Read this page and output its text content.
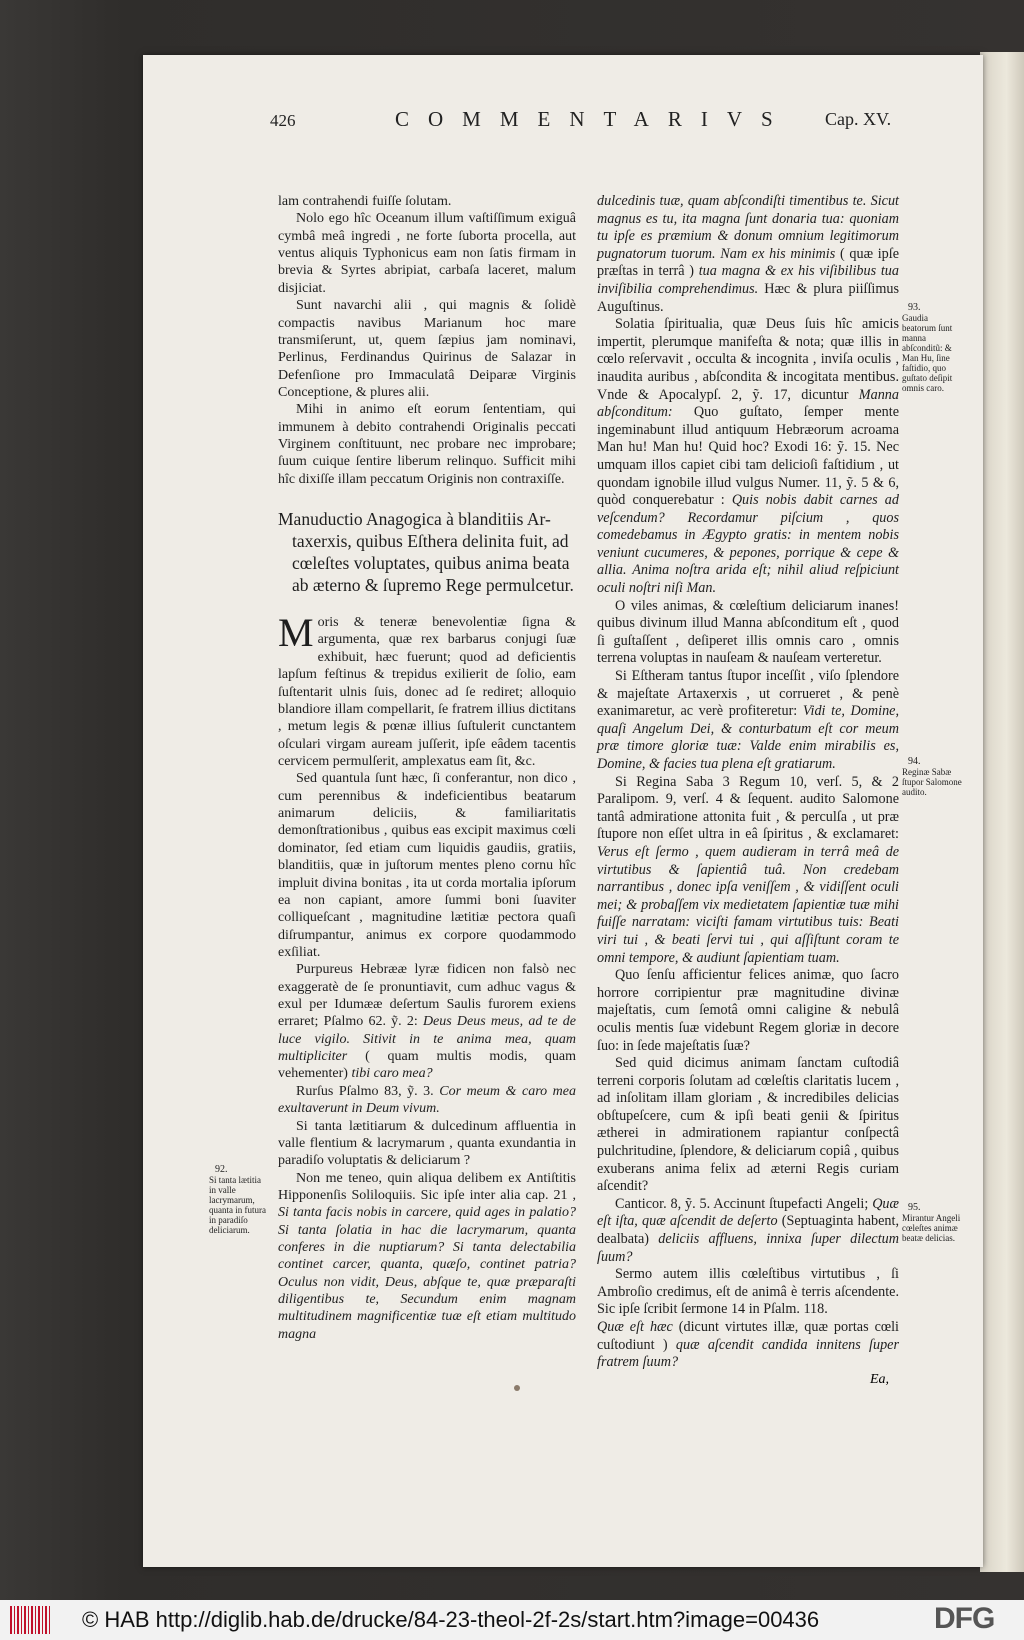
426	COMMENTARIVS Cap. XV.

lam contrahendi fuiſſe ſolutam.

Nolo ego hîc Oceanum illum vaſtiſſimum exiguâ cymbâ meâ ingredi , ne forte ſuborta procella, aut ventus aliquis Typhonicus eam non ſatis firmam in brevia & Syrtes abripiat, carbaſa laceret, malum disjiciat.

Sunt navarchi alii , qui magnis & ſolidè compactis navibus Marianum hoc mare transmiſerunt, ut, quem ſæpius jam nominavi, Perlinus, Ferdinandus Quirinus de Salazar in Defenſione pro Immaculatâ Deiparæ Virginis Conceptione, & plures alii.

Mihi in animo eſt eorum ſententiam, qui immunem à debito contrahendi Originalis peccati Virginem conſtituunt, nec probare nec improbare; ſuum cuique ſentire liberum relinquo. Sufficit mihi hîc dixiſſe illam peccatum Originis non contraxiſſe.

Manuductio Anagogica à blanditiis Ar-
taxerxis, quibus Eſthera delinita fuit, ad cœleſtes voluptates, quibus anima beata ab æterno & ſupremo Rege permulcetur.

Moris & teneræ benevolentiæ ſigna & argumenta, quæ rex barbarus conjugi ſuæ exhibuit, hæc fuerunt; quod ad deficientis lapſum feſtinus & trepidus exilierit de ſolio, eam ſuſtentarit ulnis ſuis, donec ad ſe rediret; alloquio blandiore illam compellarit, ſe fratrem illius dictitans , metum legis & pœnæ illius ſuſtulerit cunctantem oſculari virgam auream juſſerit, ipſe eâdem tacentis cervicem permulſerit, amplexatus eam ſit, &c.

Sed quantula ſunt hæc, ſi conferantur, non dico , cum perennibus & indeficientibus beatarum animarum deliciis, & familiaritatis demonſtrationibus , quibus eas excipit maximus cœli dominator, ſed etiam cum liquidis gaudiis, gratiis, blanditiis, quæ in juſtorum mentes pleno cornu hîc impluit divina bonitas , ita ut corda mortalia ipſorum ea non capiant, amore ſummi boni ſuaviter colliqueſcant , magnitudine lætitiæ pectora quaſi diſrumpantur, animus ex corpore quodammodo exſiliat.

Purpureus Hebrææ lyræ fidicen non falsò nec exaggeratè de ſe pronuntiavit, cum adhuc vagus & exul per Idumææ deſertum Saulis furorem exiens erraret; Pſalmo 62. ỹ. 2: Deus Deus meus, ad te de luce vigilo. Sitivit in te anima mea, quam multipliciter ( quam multis modis, quam vehementer) tibi caro mea?

Rurſus Pſalmo 83, ỹ. 3. Cor meum & caro mea exultaverunt in Deum vivum.

Si tanta lætitiarum & dulcedinum affluentia in valle flentium & lacrymarum , quanta exundantia in paradiſo voluptatis & deliciarum ?

Non me teneo, quin aliqua delibem ex Antiſtitis Hipponenſis Soliloquiis. Sic ipſe inter alia cap. 21 , Si tanta facis nobis in carcere, quid ages in palatio? Si tanta ſolatia in hac die lacrymarum, quanta conferes in die nuptiarum? Si tanta delectabilia continet carcer, quanta, quæſo, continet patria? Oculus non vidit, Deus, abſque te, quæ præparaſti diligentibus te, Secundum enim magnam multitudinem magnificentiæ tuæ eſt etiam multitudo magna

dulcedinis tuæ, quam abſcondiſti timentibus te. Sicut magnus es tu, ita magna ſunt donaria tua: quoniam tu ipſe es præmium & donum omnium legitimorum pugnatorum tuorum. Nam ex his minimis ( quæ ipſe præſtas in terrâ ) tua magna & ex his viſibilibus tua inviſibilia comprehendimus. Hæc & plura piiſſimus Auguſtinus.

Solatia ſpiritualia, quæ Deus ſuis hîc amicis impertit, plerumque manifeſta & nota; quæ illis in cœlo reſervavit , occulta & incognita , inviſa oculis , inaudita auribus , abſcondita & incogitata mentibus. Vnde & Apocalypſ. 2, ỹ. 17, dicuntur Manna abſconditum: Quo guſtato, ſemper mente ingeminabunt illud antiquum Hebræorum acroama Man hu! Man hu! Quid hoc? Exodi 16: ỹ. 15. Nec umquam illos capiet cibi tam delicioſi faſtidium , ut quondam ignobile illud vulgus Numer. 11, ỹ. 5 & 6, quòd conquerebatur : Quis nobis dabit carnes ad veſcendum? Recordamur piſcium , quos comedebamus in Ægypto gratis: in mentem nobis veniunt cucumeres, & pepones, porrique & cepe & allia. Anima noſtra arida eſt; nihil aliud reſpiciunt oculi noſtri niſi Man.

O viles animas, & cœleſtium deliciarum inanes! quibus divinum illud Manna abſconditum eſt , quod ſi guſtaſſent , deſiperet illis omnis caro , omnis terrena voluptas in nauſeam & nauſeam verteretur.

Si Eſtheram tantus ſtupor inceſſit , viſo ſplendore & majeſtate Artaxerxis , ut corrueret , & penè exanimaretur, ac verè profiteretur: Vidi te, Domine, quaſi Angelum Dei, & conturbatum eſt cor meum præ timore gloriæ tuæ: Valde enim mirabilis es, Domine, & facies tua plena eſt gratiarum.

Si Regina Saba 3 Regum 10, verſ. 5, & 2 Paralipom. 9, verſ. 4 & ſequent. audito Salomone tantâ admiratione attonita fuit , & perculſa , ut præ ſtupore non eſſet ultra in eâ ſpiritus , & exclamaret: Verus eſt ſermo , quem audieram in terrâ meâ de virtutibus & ſapientiâ tuâ. Non credebam narrantibus , donec ipſa veniſſem , & vidiſſent oculi mei; & probaſſem vix medietatem ſapientiæ tuæ mihi fuiſſe narratam: viciſti famam virtutibus tuis: Beati viri tui , & beati ſervi tui , qui aſſiſtunt coram te omni tempore, & audiunt ſapientiam tuam.

Quo ſenſu afficientur felices animæ, quo ſacro horrore corripientur præ magnitudine divinæ majeſtatis, cum ſemotâ omni caligine & nebulâ oculis mentis ſuæ videbunt Regem gloriæ in decore ſuo: in ſede majeſtatis ſuæ?

Sed quid dicimus animam ſanctam cuſtodiâ terreni corporis ſolutam ad cœleſtis claritatis lucem , ad inſolitam illam gloriam , & incredibiles delicias obſtupeſcere, cum & ipſi beati genii & ſpiritus ætherei in admirationem rapiantur conſpectâ pulchritudine, ſplendore, & deliciarum copiâ , quibus exuberans anima felix ad æterni Regis curiam aſcendit?

Canticor. 8, ỹ. 5. Accinunt ſtupefacti Angeli; Quæ eſt iſta, quæ aſcendit de deſerto (Septuaginta habent, dealbata) deliciis affluens, innixa ſuper dilectum ſuum?

Sermo autem illis cœleſtibus virtutibus , ſi Ambroſio credimus, eſt de animâ è terris aſcendente. Sic ipſe ſcribit ſermone 14 in Pſalm. 118.

Quæ eſt hæc (dicunt virtutes illæ, quæ portas cœli cuſtodiunt ) quæ aſcendit candida innitens ſuper fratrem ſuum?

92.
Si tanta lætitia in valle lacrymarum, quanta in futura in paradiſo deliciarum.
93.
Gaudia beatorum ſunt manna abſconditũ: & Man Hu, ſine faſtidio, quo guſtato deſipit omnis caro.
94.
Reginæ Sabæ ſtupor Salomone audito.
95.
Mirantur Angeli cœleſtes animæ beatæ delicias.
Ea,
© HAB http://diglib.hab.de/drucke/84-23-theol-2f-2s/start.htm?image=00436	DFG
